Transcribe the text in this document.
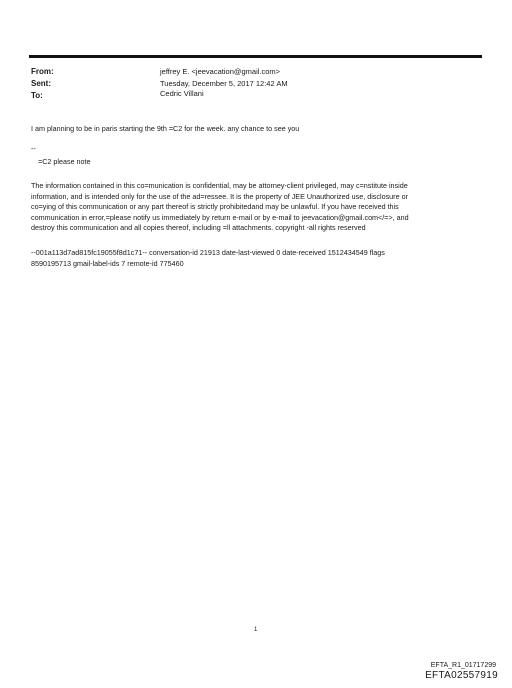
From:	jeffrey E. <jeevacation@gmail.com>
Sent:	Tuesday, December 5, 2017 12:42 AM
To:	Cedric Villani
I am planning to be in paris starting the 9th =C2 for the week. any chance to see you
--
=C2 please note
The information contained in this co=munication is confidential, may be attorney-client privileged, may c=nstitute inside
information, and is intended only for the use of the ad=ressee. It is the property of JEE Unauthorized use, disclosure or
co=ying of this communication or any part thereof is strictly prohibitedand may be unlawful. If you have received this
communication in error,=please notify us immediately by return e-mail or by e-mail to jeevacation@gmail.com</=>, and
destroy this communication and all copies thereof, including =ll attachments. copyright -all rights reserved
--001a113d7ad815fc19055f8d1c71-- conversation-id 21913 date-last-viewed 0 date-received 1512434549 flags
8590195713 gmail-label-ids 7 remote-id 775460
1
EFTA_R1_01717299
EFTA02557919
